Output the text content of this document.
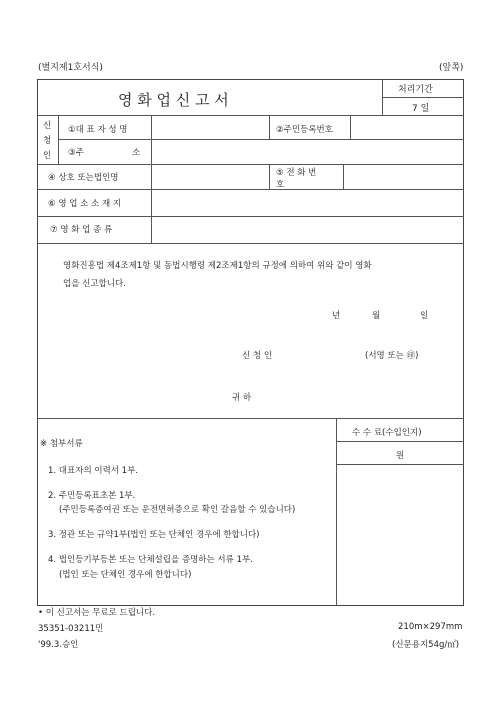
(별지제1호서식)	(앞쪽)
영 화 업 신 고 서
처리기간
7 일
신
청
인
①대 표 자 성 명	②주민등록번호
③주	소
④ 상호 또는법인명	⑤ 전 화 번
호
⑥ 영 업 소 소 재 지
⑦ 영 화 업 종 류
영화진흥법 제4조제1항 및 동법시행령 제2조제1항의 규정에 의하여 위와 같이 영화
업을 신고합니다.
년	월	일
신 청 인	(서명 또는 ㊞)
귀 하
수 수 료(수입인지)
원
※ 첨부서류
1. 대표자의 이력서 1부.
2. 주민등록표초본 1부.
(주민등록증여권 또는 운전면허증으로 확인 갈음할 수 있습니다)
3. 정관 또는 규약1부(법인 또는 단체인 경우에 한합니다)
4. 법인등기부등본 또는 단체설립을 증명하는 서류 1부.
(법인 또는 단체인 경우에 한합니다)
• 이 신고서는 무료로 드립니다.
35351-03211민	210m×297mm
'99.3.승인	(신문용지54g/㎡)
